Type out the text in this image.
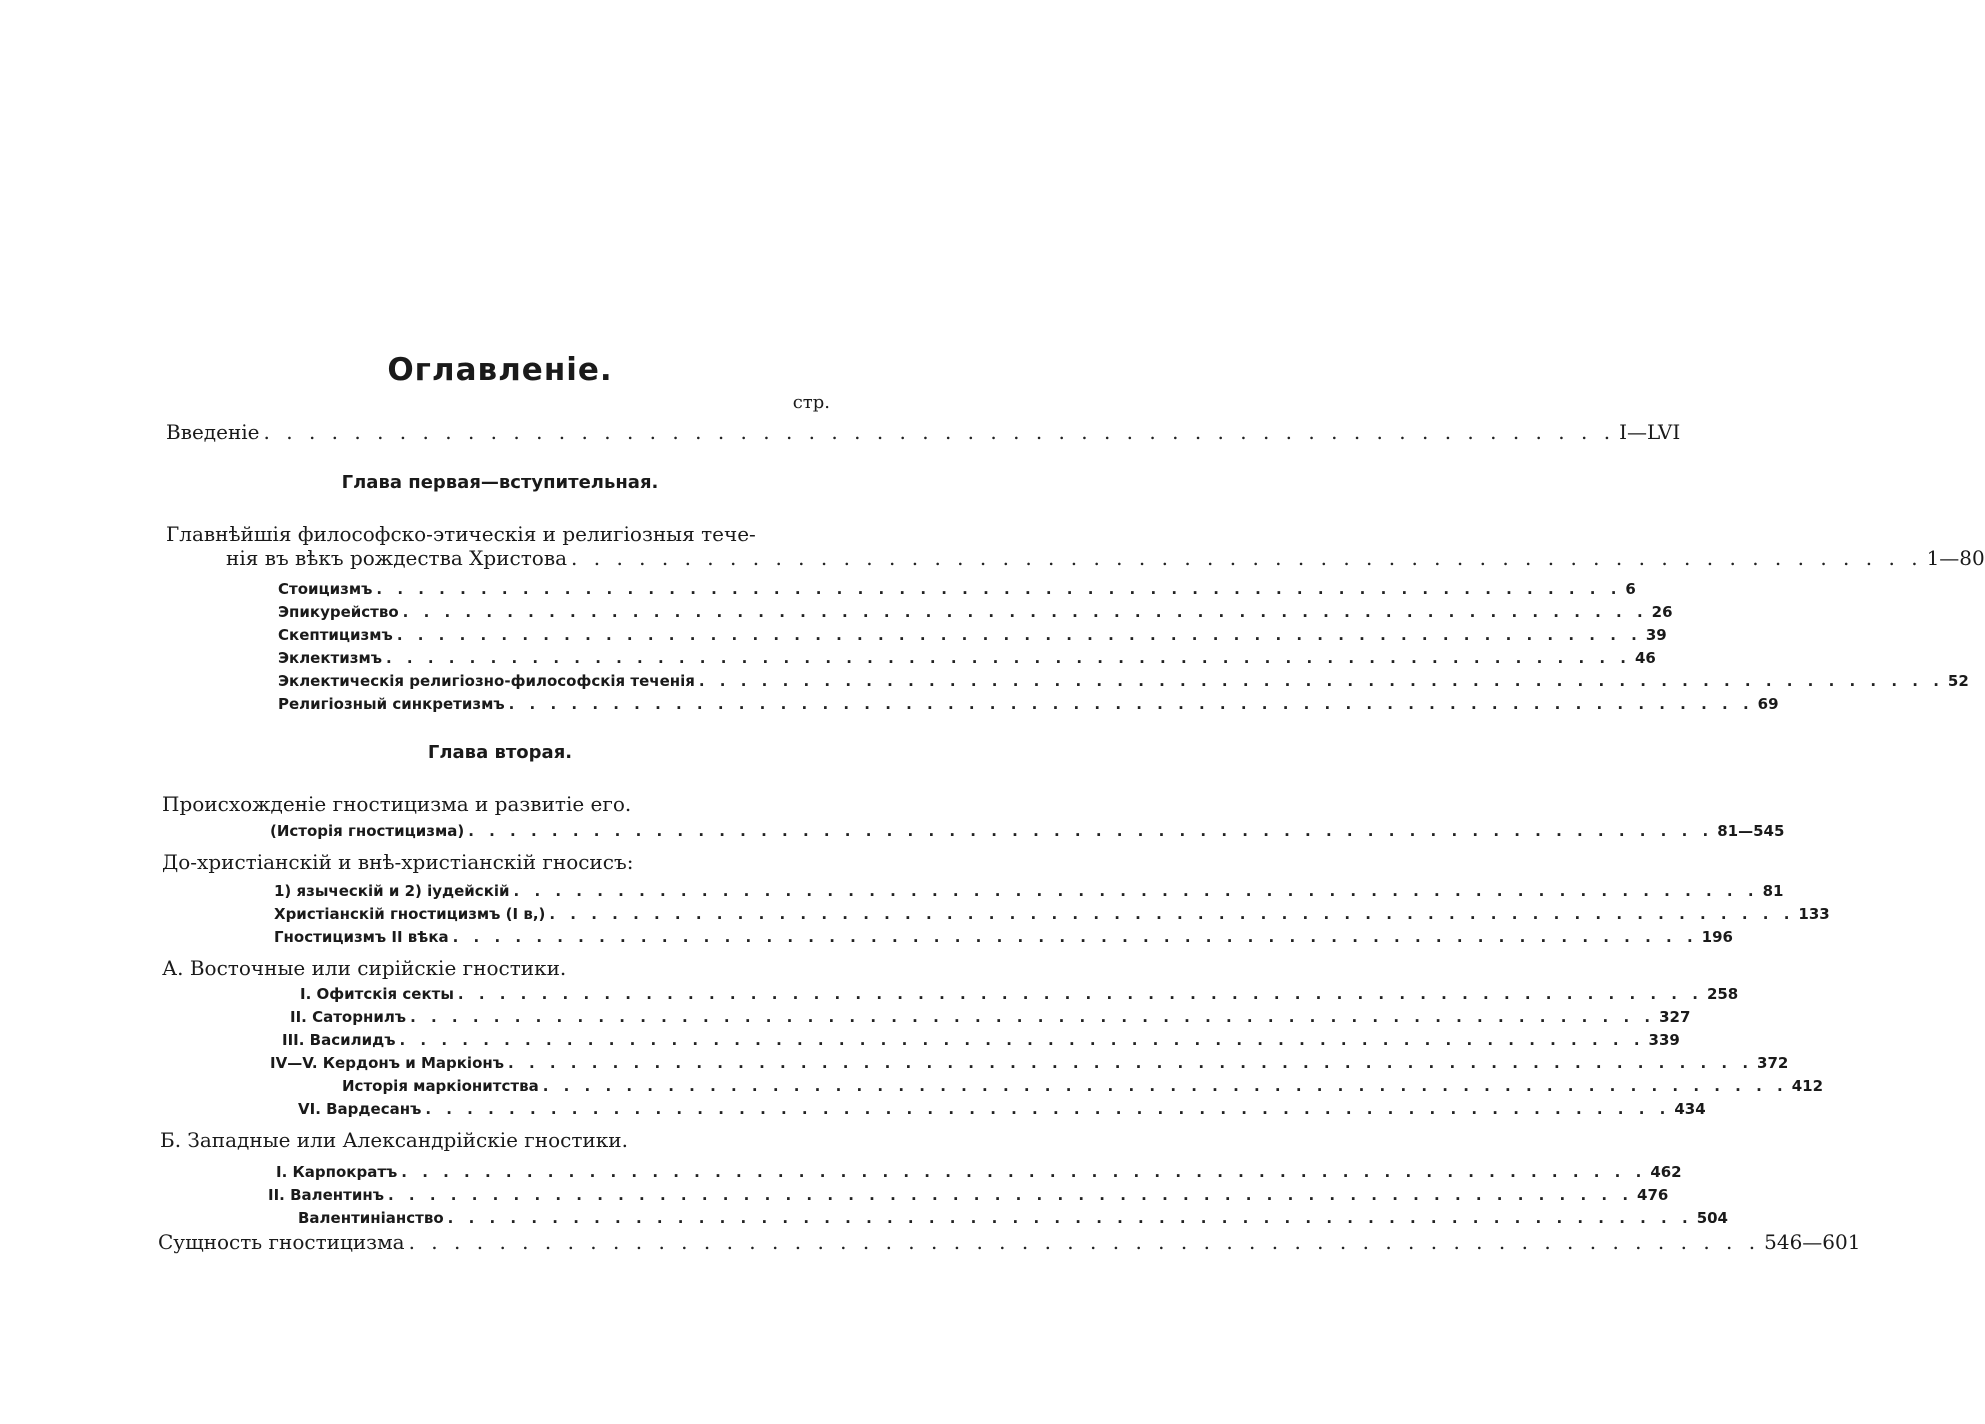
Оглавленіе.
стр.
Введеніе . . . . . . . . . . . . . . . . . . . . . . . . . . . . . . . . . . . . . . . . . . . . . . . . . . . . . . . . . . . . I—LVI
Глава первая—вступительная.
Главнѣйшія философско-этическія и религіозныя тече-
нія въ вѣкъ рождества Христова . . . . . . . . . . . . . . . . . . . . . . . . . . . . . . . . . . . . . . . . . . . . . . . . . . . . . . . . . . . . 1—80
Стоицизмъ . . . . . . . . . . . . . . . . . . . . . . . . . . . . . . . . . . . . . . . . . . . . . . . . . . . . . . . . . . . . 6
Эпикурейство . . . . . . . . . . . . . . . . . . . . . . . . . . . . . . . . . . . . . . . . . . . . . . . . . . . . . . . . . . . . 26
Скептицизмъ . . . . . . . . . . . . . . . . . . . . . . . . . . . . . . . . . . . . . . . . . . . . . . . . . . . . . . . . . . . . 39
Эклектизмъ . . . . . . . . . . . . . . . . . . . . . . . . . . . . . . . . . . . . . . . . . . . . . . . . . . . . . . . . . . . . 46
Эклектическія религіозно-философскія теченія . . . . . . . . . . . . . . . . . . . . . . . . . . . . . . . . . . . . . . . . . . . . . . . . . . . . . . . . . . . . 52
Религіозный синкретизмъ . . . . . . . . . . . . . . . . . . . . . . . . . . . . . . . . . . . . . . . . . . . . . . . . . . . . . . . . . . . . 69
Глава вторая.
Происхожденіе гностицизма и развитіе его.
(Исторія гностицизма) . . . . . . . . . . . . . . . . . . . . . . . . . . . . . . . . . . . . . . . . . . . . . . . . . . . . . . . . . . . . 81—545
До-христіанскій и внѣ-христіанскій гносисъ:
1) языческій и 2) іудейскій . . . . . . . . . . . . . . . . . . . . . . . . . . . . . . . . . . . . . . . . . . . . . . . . . . . . . . . . . . . . 81
Христіанскій гностицизмъ (I в,) . . . . . . . . . . . . . . . . . . . . . . . . . . . . . . . . . . . . . . . . . . . . . . . . . . . . . . . . . . . . 133
Гностицизмъ II вѣка . . . . . . . . . . . . . . . . . . . . . . . . . . . . . . . . . . . . . . . . . . . . . . . . . . . . . . . . . . . . 196
А. Восточные или сирійскіе гностики.
I. Офитскія секты . . . . . . . . . . . . . . . . . . . . . . . . . . . . . . . . . . . . . . . . . . . . . . . . . . . . . . . . . . . . 258
II. Саторнилъ . . . . . . . . . . . . . . . . . . . . . . . . . . . . . . . . . . . . . . . . . . . . . . . . . . . . . . . . . . . . 327
III. Василидъ . . . . . . . . . . . . . . . . . . . . . . . . . . . . . . . . . . . . . . . . . . . . . . . . . . . . . . . . . . . . 339
IV—V. Кердонъ и Маркіонъ . . . . . . . . . . . . . . . . . . . . . . . . . . . . . . . . . . . . . . . . . . . . . . . . . . . . . . . . . . . . 372
Исторія маркіонитства . . . . . . . . . . . . . . . . . . . . . . . . . . . . . . . . . . . . . . . . . . . . . . . . . . . . . . . . . . . . 412
VI. Вардесанъ . . . . . . . . . . . . . . . . . . . . . . . . . . . . . . . . . . . . . . . . . . . . . . . . . . . . . . . . . . . . 434
Б. Западные или Александрійскіе гностики.
I. Карпократъ . . . . . . . . . . . . . . . . . . . . . . . . . . . . . . . . . . . . . . . . . . . . . . . . . . . . . . . . . . . . 462
II. Валентинъ . . . . . . . . . . . . . . . . . . . . . . . . . . . . . . . . . . . . . . . . . . . . . . . . . . . . . . . . . . . . 476
Валентиніанство . . . . . . . . . . . . . . . . . . . . . . . . . . . . . . . . . . . . . . . . . . . . . . . . . . . . . . . . . . . . 504
Сущность гностицизма . . . . . . . . . . . . . . . . . . . . . . . . . . . . . . . . . . . . . . . . . . . . . . . . . . . . . . . . . . . . 546—601
